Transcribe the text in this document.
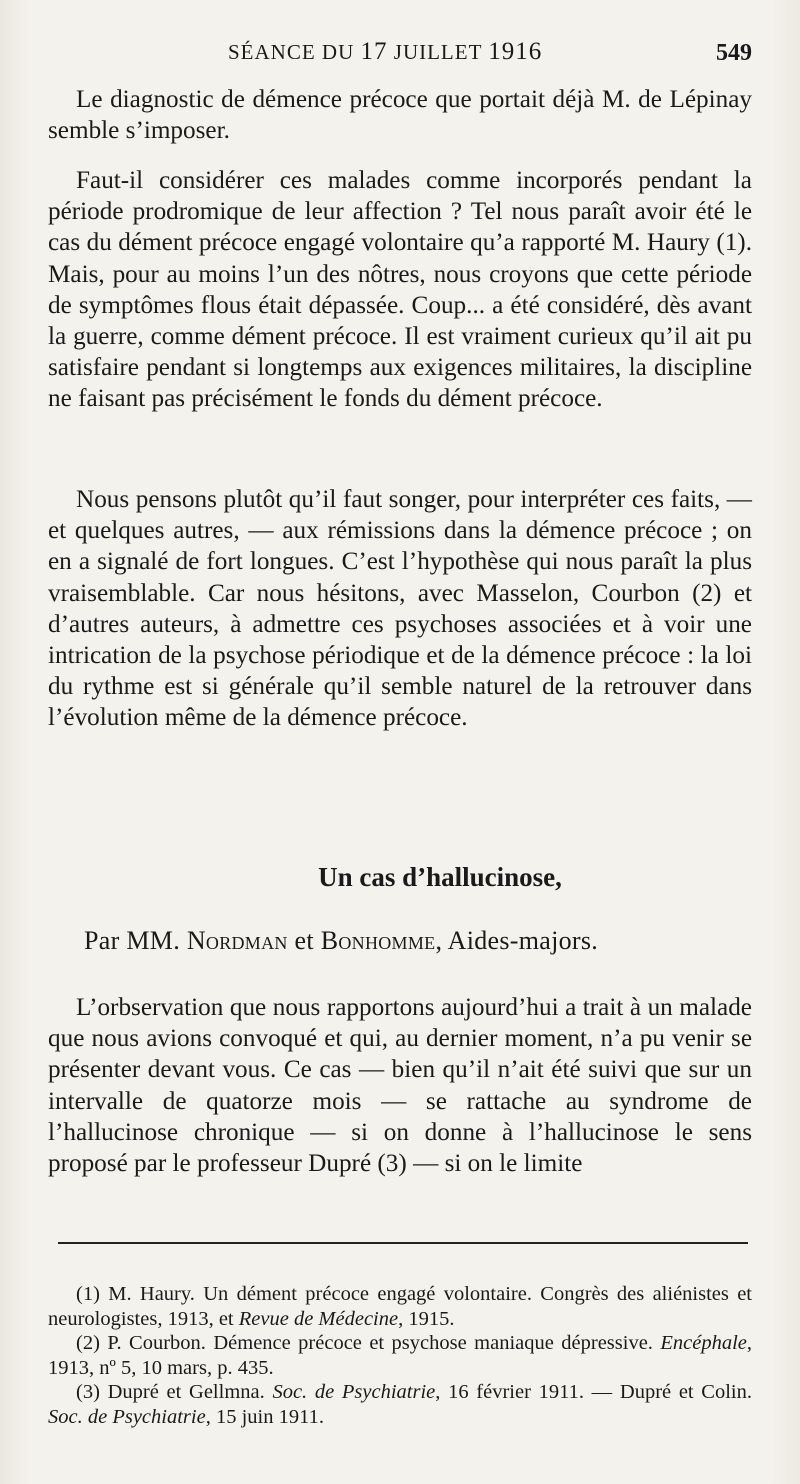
SÉANCE DU 17 JUILLET 1916	549

Le diagnostic de démence précoce que portait déjà M. de Lépinay semble s’imposer.

Faut-il considérer ces malades comme incorporés pendant la période prodromique de leur affection ? Tel nous paraît avoir été le cas du dément précoce engagé volontaire qu’a rapporté M. Haury (1). Mais, pour au moins l’un des nôtres, nous croyons que cette période de symptômes flous était dépassée. Coup... a été considéré, dès avant la guerre, comme dément précoce. Il est vraiment curieux qu’il ait pu satisfaire pendant si longtemps aux exigences militaires, la discipline ne faisant pas précisément le fonds du dément précoce.

Nous pensons plutôt qu’il faut songer, pour interpréter ces faits, — et quelques autres, — aux rémissions dans la démence précoce ; on en a signalé de fort longues. C’est l’hypothèse qui nous paraît la plus vraisemblable. Car nous hésitons, avec Masselon, Courbon (2) et d’autres auteurs, à admettre ces psychoses associées et à voir une intrication de la psychose périodique et de la démence précoce : la loi du rythme est si générale qu’il semble naturel de la retrouver dans l’évolution même de la démence précoce.

Un cas d’hallucinose,
Par MM. Nordman et Bonhomme, Aides-majors.

L’orbservation que nous rapportons aujourd’hui a trait à un malade que nous avions convoqué et qui, au dernier moment, n’a pu venir se présenter devant vous. Ce cas — bien qu’il n’ait été suivi que sur un intervalle de quatorze mois — se rattache au syndrome de l’hallucinose chronique — si on donne à l’hallucinose le sens proposé par le professeur Dupré (3) — si on le limite

(1) M. Haury. Un dément précoce engagé volontaire. Congrès des aliénistes et neurologistes, 1913, et Revue de Médecine, 1915.

(2) P. Courbon. Démence précoce et psychose maniaque dépressive. Encéphale, 1913, nº 5, 10 mars, p. 435.

(3) Dupré et Gellmna. Soc. de Psychiatrie, 16 février 1911. — Dupré et Colin. Soc. de Psychiatrie, 15 juin 1911.
